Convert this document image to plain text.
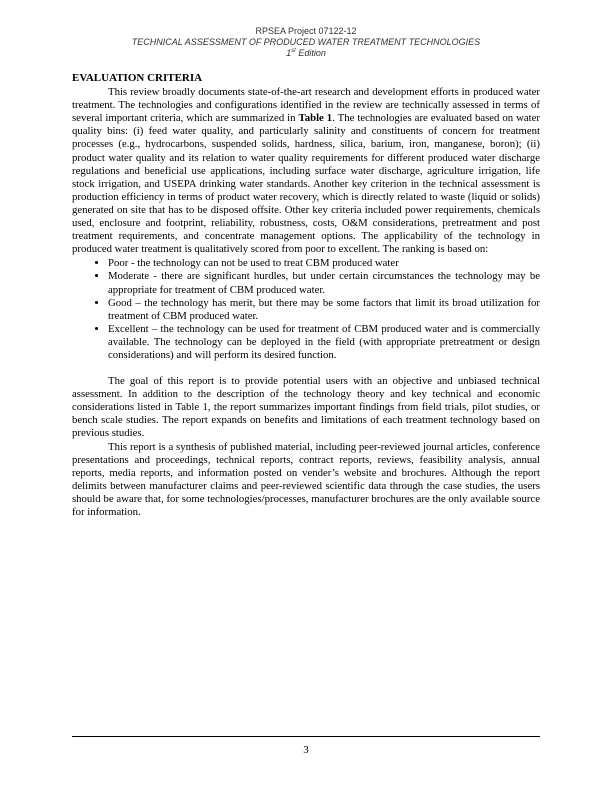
RPSEA Project 07122-12
TECHNICAL ASSESSMENT OF PRODUCED WATER TREATMENT TECHNOLOGIES
1st Edition
EVALUATION CRITERIA

This review broadly documents state-of-the-art research and development efforts in produced water treatment. The technologies and configurations identified in the review are technically assessed in terms of several important criteria, which are summarized in Table 1. The technologies are evaluated based on water quality bins: (i) feed water quality, and particularly salinity and constituents of concern for treatment processes (e.g., hydrocarbons, suspended solids, hardness, silica, barium, iron, manganese, boron); (ii) product water quality and its relation to water quality requirements for different produced water discharge regulations and beneficial use applications, including surface water discharge, agriculture irrigation, life stock irrigation, and USEPA drinking water standards. Another key criterion in the technical assessment is production efficiency in terms of product water recovery, which is directly related to waste (liquid or solids) generated on site that has to be disposed offsite. Other key criteria included power requirements, chemicals used, enclosure and footprint, reliability, robustness, costs, O&M considerations, pretreatment and post treatment requirements, and concentrate management options. The applicability of the technology in produced water treatment is qualitatively scored from poor to excellent. The ranking is based on:

• Poor - the technology can not be used to treat CBM produced water
• Moderate - there are significant hurdles, but under certain circumstances the technology may be appropriate for treatment of CBM produced water.
• Good – the technology has merit, but there may be some factors that limit its broad utilization for treatment of CBM produced water.
• Excellent – the technology can be used for treatment of CBM produced water and is commercially available. The technology can be deployed in the field (with appropriate pretreatment or design considerations) and will perform its desired function.

The goal of this report is to provide potential users with an objective and unbiased technical assessment. In addition to the description of the technology theory and key technical and economic considerations listed in Table 1, the report summarizes important findings from field trials, pilot studies, or bench scale studies. The report expands on benefits and limitations of each treatment technology based on previous studies.

This report is a synthesis of published material, including peer-reviewed journal articles, conference presentations and proceedings, technical reports, contract reports, reviews, feasibility analysis, annual reports, media reports, and information posted on vender’s website and brochures. Although the report delimits between manufacturer claims and peer-reviewed scientific data through the case studies, the users should be aware that, for some technologies/processes, manufacturer brochures are the only available source for information.

3
